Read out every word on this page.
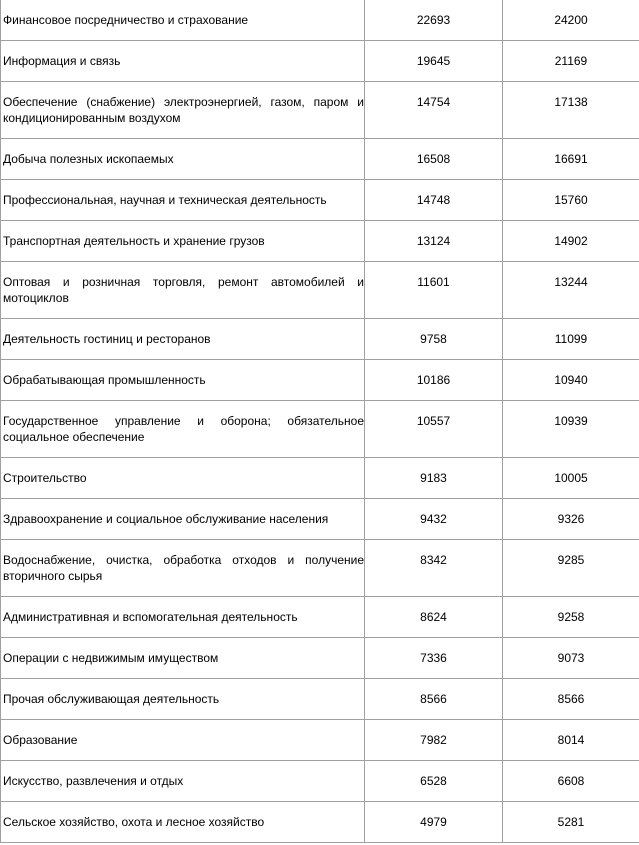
Финансовое посредничество и страхование	22693	24200
Информация и связь	19645	21169
Обеспечение (снабжение) электроэнергией, газом, паром и кондиционированным воздухом	14754	17138
Добыча полезных ископаемых	16508	16691
Профессиональная, научная и техническая деятельность	14748	15760
Транспортная деятельность и хранение грузов	13124	14902
Оптовая и розничная торговля, ремонт автомобилей и мотоциклов	11601	13244
Деятельность гостиниц и ресторанов	9758	11099
Обрабатывающая промышленность	10186	10940
Государственное управление и оборона; обязательное социальное обеспечение	10557	10939
Строительство	9183	10005
Здравоохранение и социальное обслуживание населения	9432	9326
Водоснабжение, очистка, обработка отходов и получение вторичного сырья	8342	9285
Административная и вспомогательная деятельность	8624	9258
Операции с недвижимым имуществом	7336	9073
Прочая обслуживающая деятельность	8566	8566
Образование	7982	8014
Искусство, развлечения и отдых	6528	6608
Сельское хозяйство, охота и лесное хозяйство	4979	5281
